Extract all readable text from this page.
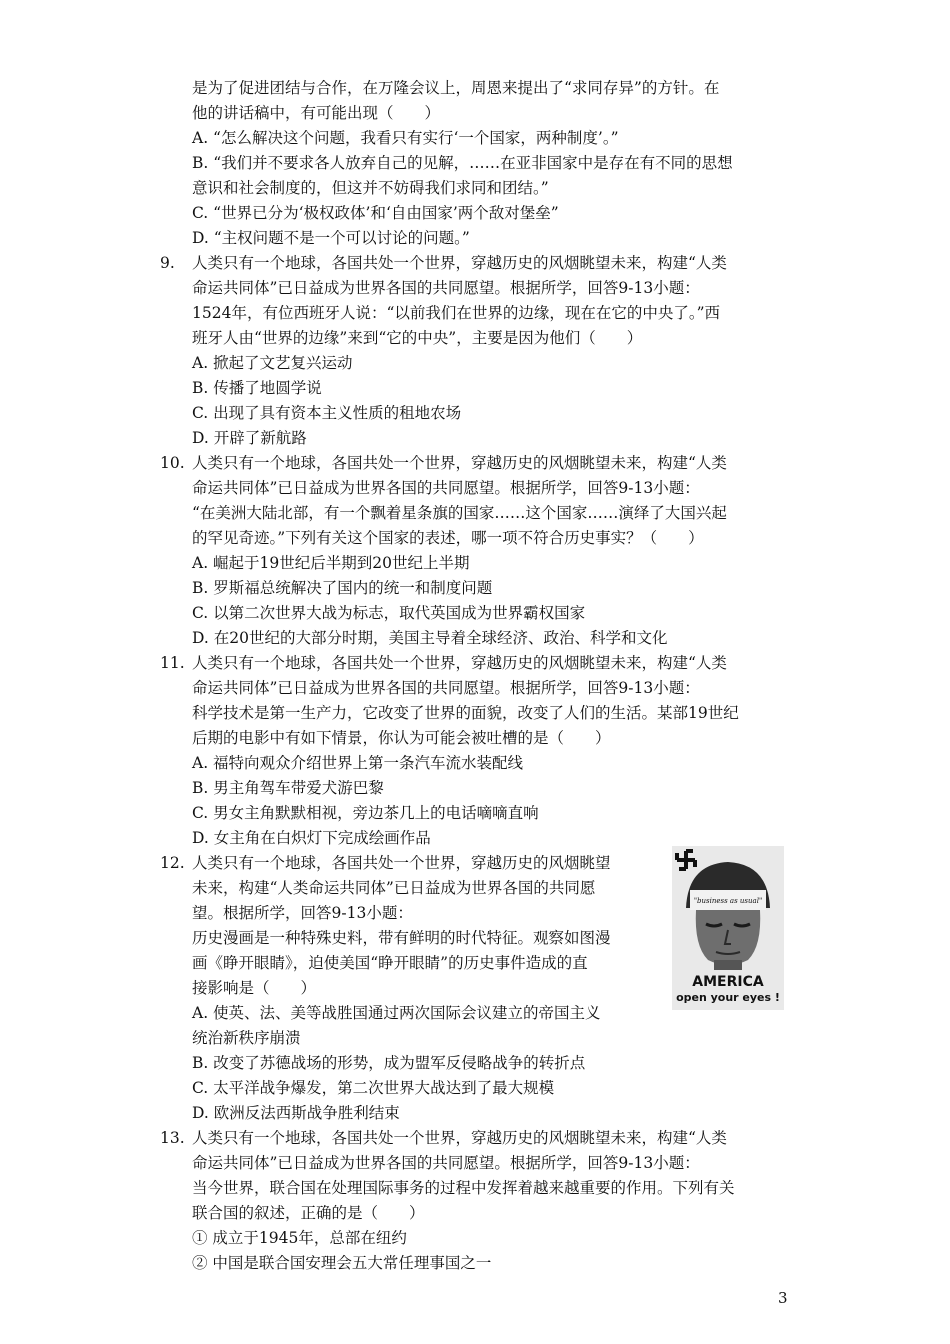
是为了促进团结与合作，在万隆会议上，周恩来提出了“求同存异”的方针。在
他的讲话稿中，有可能出现（　　）
A. “怎么解决这个问题，我看只有实行‘一个国家，两种制度’。”
B. “我们并不要求各人放弃自己的见解，……在亚非国家中是存在有不同的思想
意识和社会制度的，但这并不妨碍我们求同和团结。”
C. “世界已分为‘极权政体’和‘自由国家’两个敌对堡垒”
D. “主权问题不是一个可以讨论的问题。”
9. 人类只有一个地球，各国共处一个世界，穿越历史的风烟眺望未来，构建“人类
命运共同体”已日益成为世界各国的共同愿望。根据所学，回答9-13小题：
1524年，有位西班牙人说：“以前我们在世界的边缘，现在在它的中央了。”西
班牙人由“世界的边缘”来到“它的中央”，主要是因为他们（　　）
A. 掀起了文艺复兴运动
B. 传播了地圆学说
C. 出现了具有资本主义性质的租地农场
D. 开辟了新航路
10. 人类只有一个地球，各国共处一个世界，穿越历史的风烟眺望未来，构建“人类
命运共同体”已日益成为世界各国的共同愿望。根据所学，回答9-13小题：
“在美洲大陆北部，有一个飘着星条旗的国家……这个国家……演绎了大国兴起
的罕见奇迹。”下列有关这个国家的表述，哪一项不符合历史事实？（　　）
A. 崛起于19世纪后半期到20世纪上半期
B. 罗斯福总统解决了国内的统一和制度问题
C. 以第二次世界大战为标志，取代英国成为世界霸权国家
D. 在20世纪的大部分时期，美国主导着全球经济、政治、科学和文化
11. 人类只有一个地球，各国共处一个世界，穿越历史的风烟眺望未来，构建“人类
命运共同体”已日益成为世界各国的共同愿望。根据所学，回答9-13小题：
科学技术是第一生产力，它改变了世界的面貌，改变了人们的生活。某部19世纪
后期的电影中有如下情景，你认为可能会被吐槽的是（　　）
A. 福特向观众介绍世界上第一条汽车流水装配线
B. 男主角驾车带爱犬游巴黎
C. 男女主角默默相视，旁边茶几上的电话嘀嘀直响
D. 女主角在白炽灯下完成绘画作品
12. 人类只有一个地球，各国共处一个世界，穿越历史的风烟眺望
未来，构建“人类命运共同体”已日益成为世界各国的共同愿
望。根据所学，回答9-13小题：
历史漫画是一种特殊史料，带有鲜明的时代特征。观察如图漫
画《睁开眼睛》，迫使美国“睁开眼睛”的历史事件造成的直
接影响是（　　）
A. 使英、法、美等战胜国通过两次国际会议建立的帝国主义
统治新秩序崩溃
B. 改变了苏德战场的形势，成为盟军反侵略战争的转折点
C. 太平洋战争爆发，第二次世界大战达到了最大规模
D. 欧洲反法西斯战争胜利结束
"business as usual"
AMERICA
open your eyes !
13. 人类只有一个地球，各国共处一个世界，穿越历史的风烟眺望未来，构建“人类
命运共同体”已日益成为世界各国的共同愿望。根据所学，回答9-13小题：
当今世界，联合国在处理国际事务的过程中发挥着越来越重要的作用。下列有关
联合国的叙述，正确的是（　　）
① 成立于1945年，总部在纽约
② 中国是联合国安理会五大常任理事国之一
3
